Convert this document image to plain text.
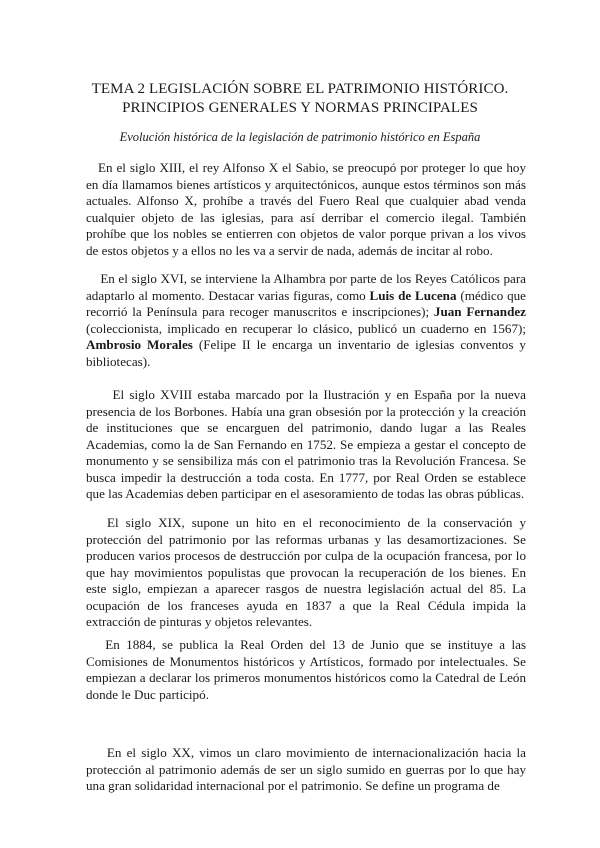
TEMA 2 LEGISLACIÓN SOBRE EL PATRIMONIO HISTÓRICO.
PRINCIPIOS GENERALES Y NORMAS PRINCIPALES
Evolución histórica de la legislación de patrimonio histórico en España

En el siglo XIII, el rey Alfonso X el Sabio, se preocupó por proteger lo que hoy en día llamamos bienes artísticos y arquitectónicos, aunque estos términos son más actuales. Alfonso X, prohíbe a través del Fuero Real que cualquier abad venda cualquier objeto de las iglesias, para así derribar el comercio ilegal. También prohíbe que los nobles se entierren con objetos de valor porque privan a los vivos de estos objetos y a ellos no les va a servir de nada, además de incitar al robo.

En el siglo XVI, se interviene la Alhambra por parte de los Reyes Católicos para adaptarlo al momento. Destacar varias figuras, como Luis de Lucena (médico que recorrió la Península para recoger manuscritos e inscripciones); Juan Fernandez (coleccionista, implicado en recuperar lo clásico, publicó un cuaderno en 1567); Ambrosio Morales (Felipe II le encarga un inventario de iglesias conventos y bibliotecas).

El siglo XVIII estaba marcado por la Ilustración y en España por la nueva presencia de los Borbones. Había una gran obsesión por la protección y la creación de instituciones que se encarguen del patrimonio, dando lugar a las Reales Academias, como la de San Fernando en 1752. Se empieza a gestar el concepto de monumento y se sensibiliza más con el patrimonio tras la Revolución Francesa. Se busca impedir la destrucción a toda costa. En 1777, por Real Orden se establece que las Academias deben participar en el asesoramiento de todas las obras públicas.

El siglo XIX, supone un hito en el reconocimiento de la conservación y protección del patrimonio por las reformas urbanas y las desamortizaciones. Se producen varios procesos de destrucción por culpa de la ocupación francesa, por lo que hay movimientos populistas que provocan la recuperación de los bienes. En este siglo, empiezan a aparecer rasgos de nuestra legislación actual del 85. La ocupación de los franceses ayuda en 1837 a que la Real Cédula impida la extracción de pinturas y objetos relevantes.

En 1884, se publica la Real Orden del 13 de Junio que se instituye a las Comisiones de Monumentos históricos y Artísticos, formado por intelectuales. Se empiezan a declarar los primeros monumentos históricos como la Catedral de León donde le Duc participó.

En el siglo XX, vimos un claro movimiento de internacionalización hacia la protección al patrimonio además de ser un siglo sumido en guerras por lo que hay una gran solidaridad internacional por el patrimonio. Se define un programa de
